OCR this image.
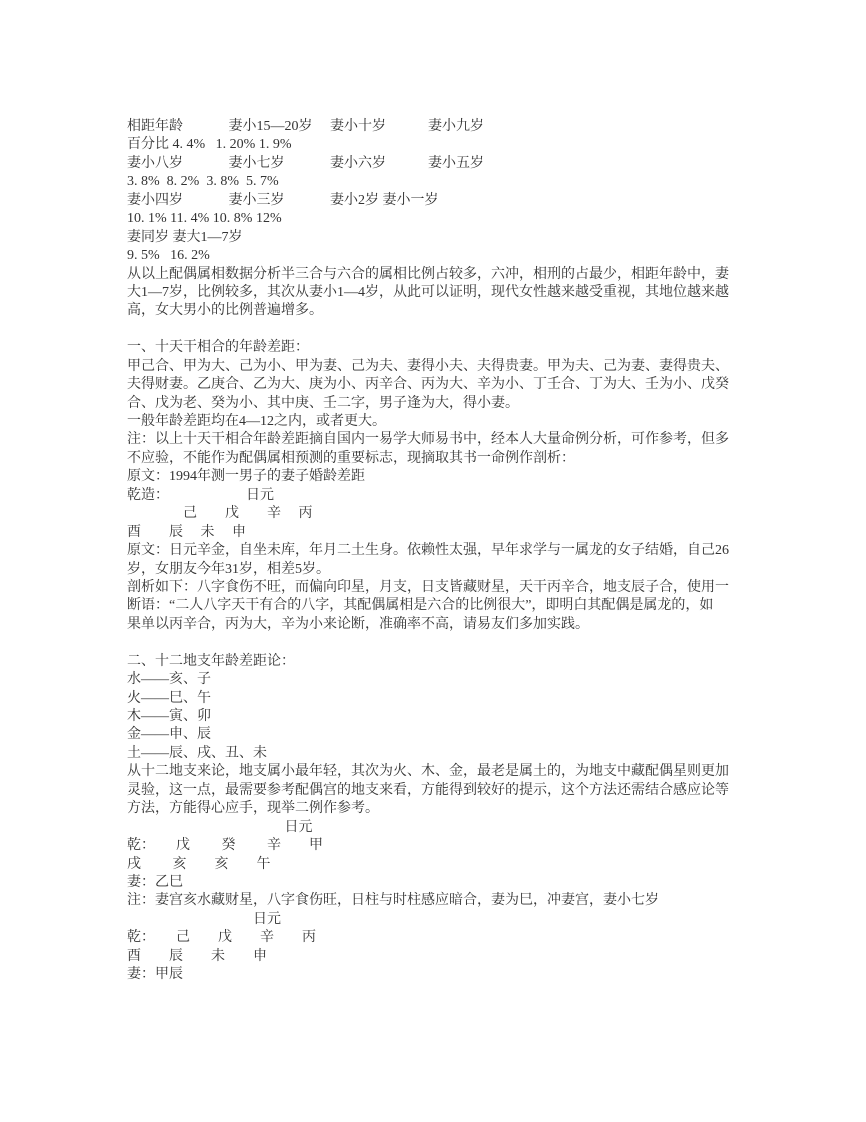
相距年龄　　　 妻小15—20岁　 妻小十岁　　　妻小九岁
百分比 4. 4%   1. 20% 1. 9%
妻小八岁　　　 妻小七岁　　　 妻小六岁　　　妻小五岁
3. 8%  8. 2%  3. 8%  5. 7%
妻小四岁　　　 妻小三岁　　　 妻小2岁 妻小一岁
10. 1% 11. 4% 10. 8% 12%
妻同岁 妻大1—7岁
9. 5%   16. 2%
从以上配偶属相数据分析半三合与六合的属相比例占较多，六冲，相刑的占最少，相距年龄中，妻
大1—7岁，比例较多，其次从妻小1—4岁，从此可以证明，现代女性越来越受重视，其地位越来越
高，女大男小的比例普遍增多。

一、十天干相合的年龄差距：
甲己合、甲为大、己为小、甲为妻、己为夫、妻得小夫、夫得贵妻。甲为夫、己为妻、妻得贵夫、
夫得财妻。乙庚合、乙为大、庚为小、丙辛合、丙为大、辛为小、丁壬合、丁为大、壬为小、戊癸
合、戊为老、癸为小、其中庚、壬二字，男子逢为大，得小妻。
一般年龄差距均在4—12之内，或者更大。
注：以上十天干相合年龄差距摘自国内一易学大师易书中，经本人大量命例分析，可作参考，但多
不应验，不能作为配偶属相预测的重要标志，现摘取其书一命例作剖析：
原文：1994年测一男子的妻子婚龄差距
乾造：　　　　　　日元
　　　　己　　戊　　辛　 丙
酉　　辰　 未　 申
原文：日元辛金，自坐未库，年月二土生身。依赖性太强，早年求学与一属龙的女子结婚，自己26
岁，女朋友今年31岁，相差5岁。
剖析如下：八字食伤不旺，而偏向印星，月支，日支皆藏财星，天干丙辛合，地支辰子合，使用一
断语：“二人八字天干有合的八字，其配偶属相是六合的比例很大”，即明白其配偶是属龙的，如
果单以丙辛合，丙为大，辛为小来论断，准确率不高，请易友们多加实践。

二、十二地支年龄差距论：
水——亥、子
火——巳、午
木——寅、卯
金——申、辰
土——辰、戌、丑、未
从十二地支来论，地支属小最年轻，其次为火、木、金，最老是属土的，为地支中藏配偶星则更加
灵验，这一点，最需要参考配偶宫的地支来看，方能得到较好的提示，这个方法还需结合感应论等
方法，方能得心应手，现举二例作参考。
　　　　　　　　　　　 日元
乾：　　戊　　 癸　　 辛　　甲
戌　　 亥　　亥　　午
妻：乙巳
注：妻宫亥水藏财星，八字食伤旺，日柱与时柱感应暗合，妻为巳，冲妻宫，妻小七岁
　　　　　　　　　日元
乾：　　己　　戊　　辛　　丙
酉　　辰　　未　　申
妻：甲辰
